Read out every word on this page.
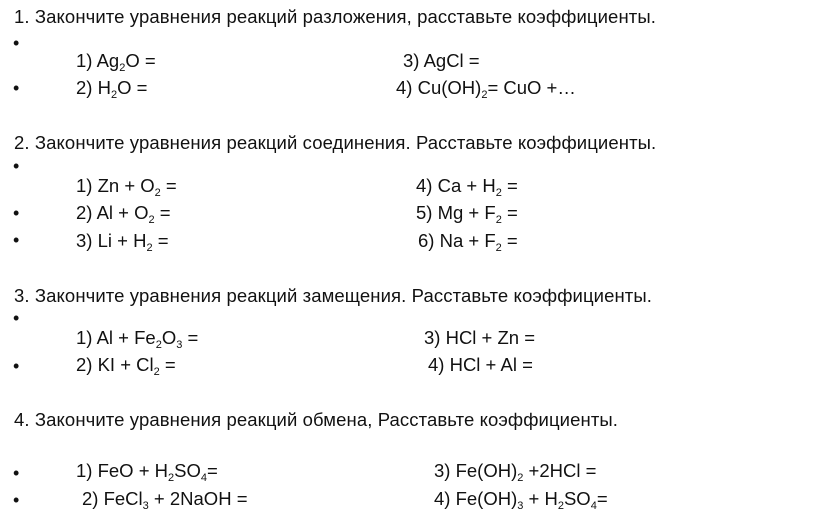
1. Закончите уравнения реакций разложения, расставьте коэффициенты.
•
1) $Ag_2O$ =	3) AgCl =
•	2) $H_2O$ =	4) $Cu(OH)_2=$ CuO +…
2. Закончите уравнения реакций соединения. Расставьте коэффициенты.
•
1) $Zn + O_2$ =	4) $Ca + H_2$ =
•	2) $Al + O_2$ =	5) $Mg + F_2$ =
•	3) $Li + H_2$ =	6) $Na + F_2$ =
3. Закончите уравнения реакций замещения. Расставьте коэффициенты.
•
1) $Al + Fe_2O_3$ =	3) HCl + Zn =
•	2) KI + $Cl_2$ =	4) HCl + Al =
4. Закончите уравнения реакций обмена, Расставьте коэффициенты.
•	1) FeO + $H_2SO_4=$	3) $Fe(OH)_2 +2HCl$ =
•	2) FeCl$_3$ + 2NaOH =	4) $Fe(OH)_3 + H_2SO_4=$
